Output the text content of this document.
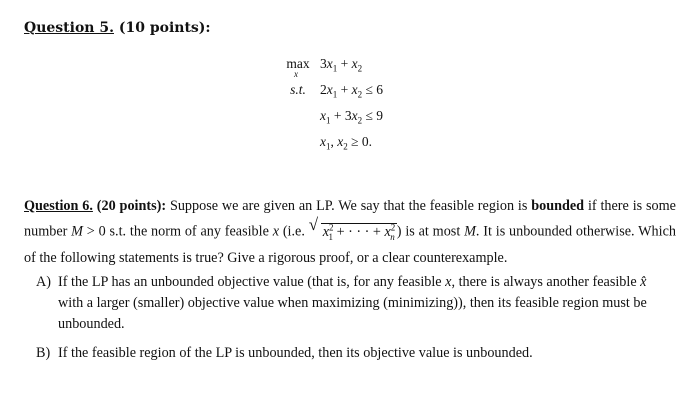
Question 5. (10 points):
max
x
$3x_1 + x_2$
s.t.	$2x_1 + x_2 \le 6$
$x_1 + 3x_2 \le 9$
$x_1$, $x_2 \ge 0$.
Question 6. (20 points): Suppose we are given an LP. We say that the feasible region is bounded if there is some number M > 0 s.t. the norm of any feasible x (i.e. √ $x^2_1$ + · · · + $x^2_n$ ) is at most M. It is unbounded otherwise. Which of the following statements is true? Give a rigorous proof, or a clear counterexample.
A) If the LP has an unbounded objective value (that is, for any feasible x, there is always another feasible x̂ with a larger (smaller) objective value when maximizing (minimizing)), then its feasible region must be unbounded.
B) If the feasible region of the LP is unbounded, then its objective value is unbounded.
